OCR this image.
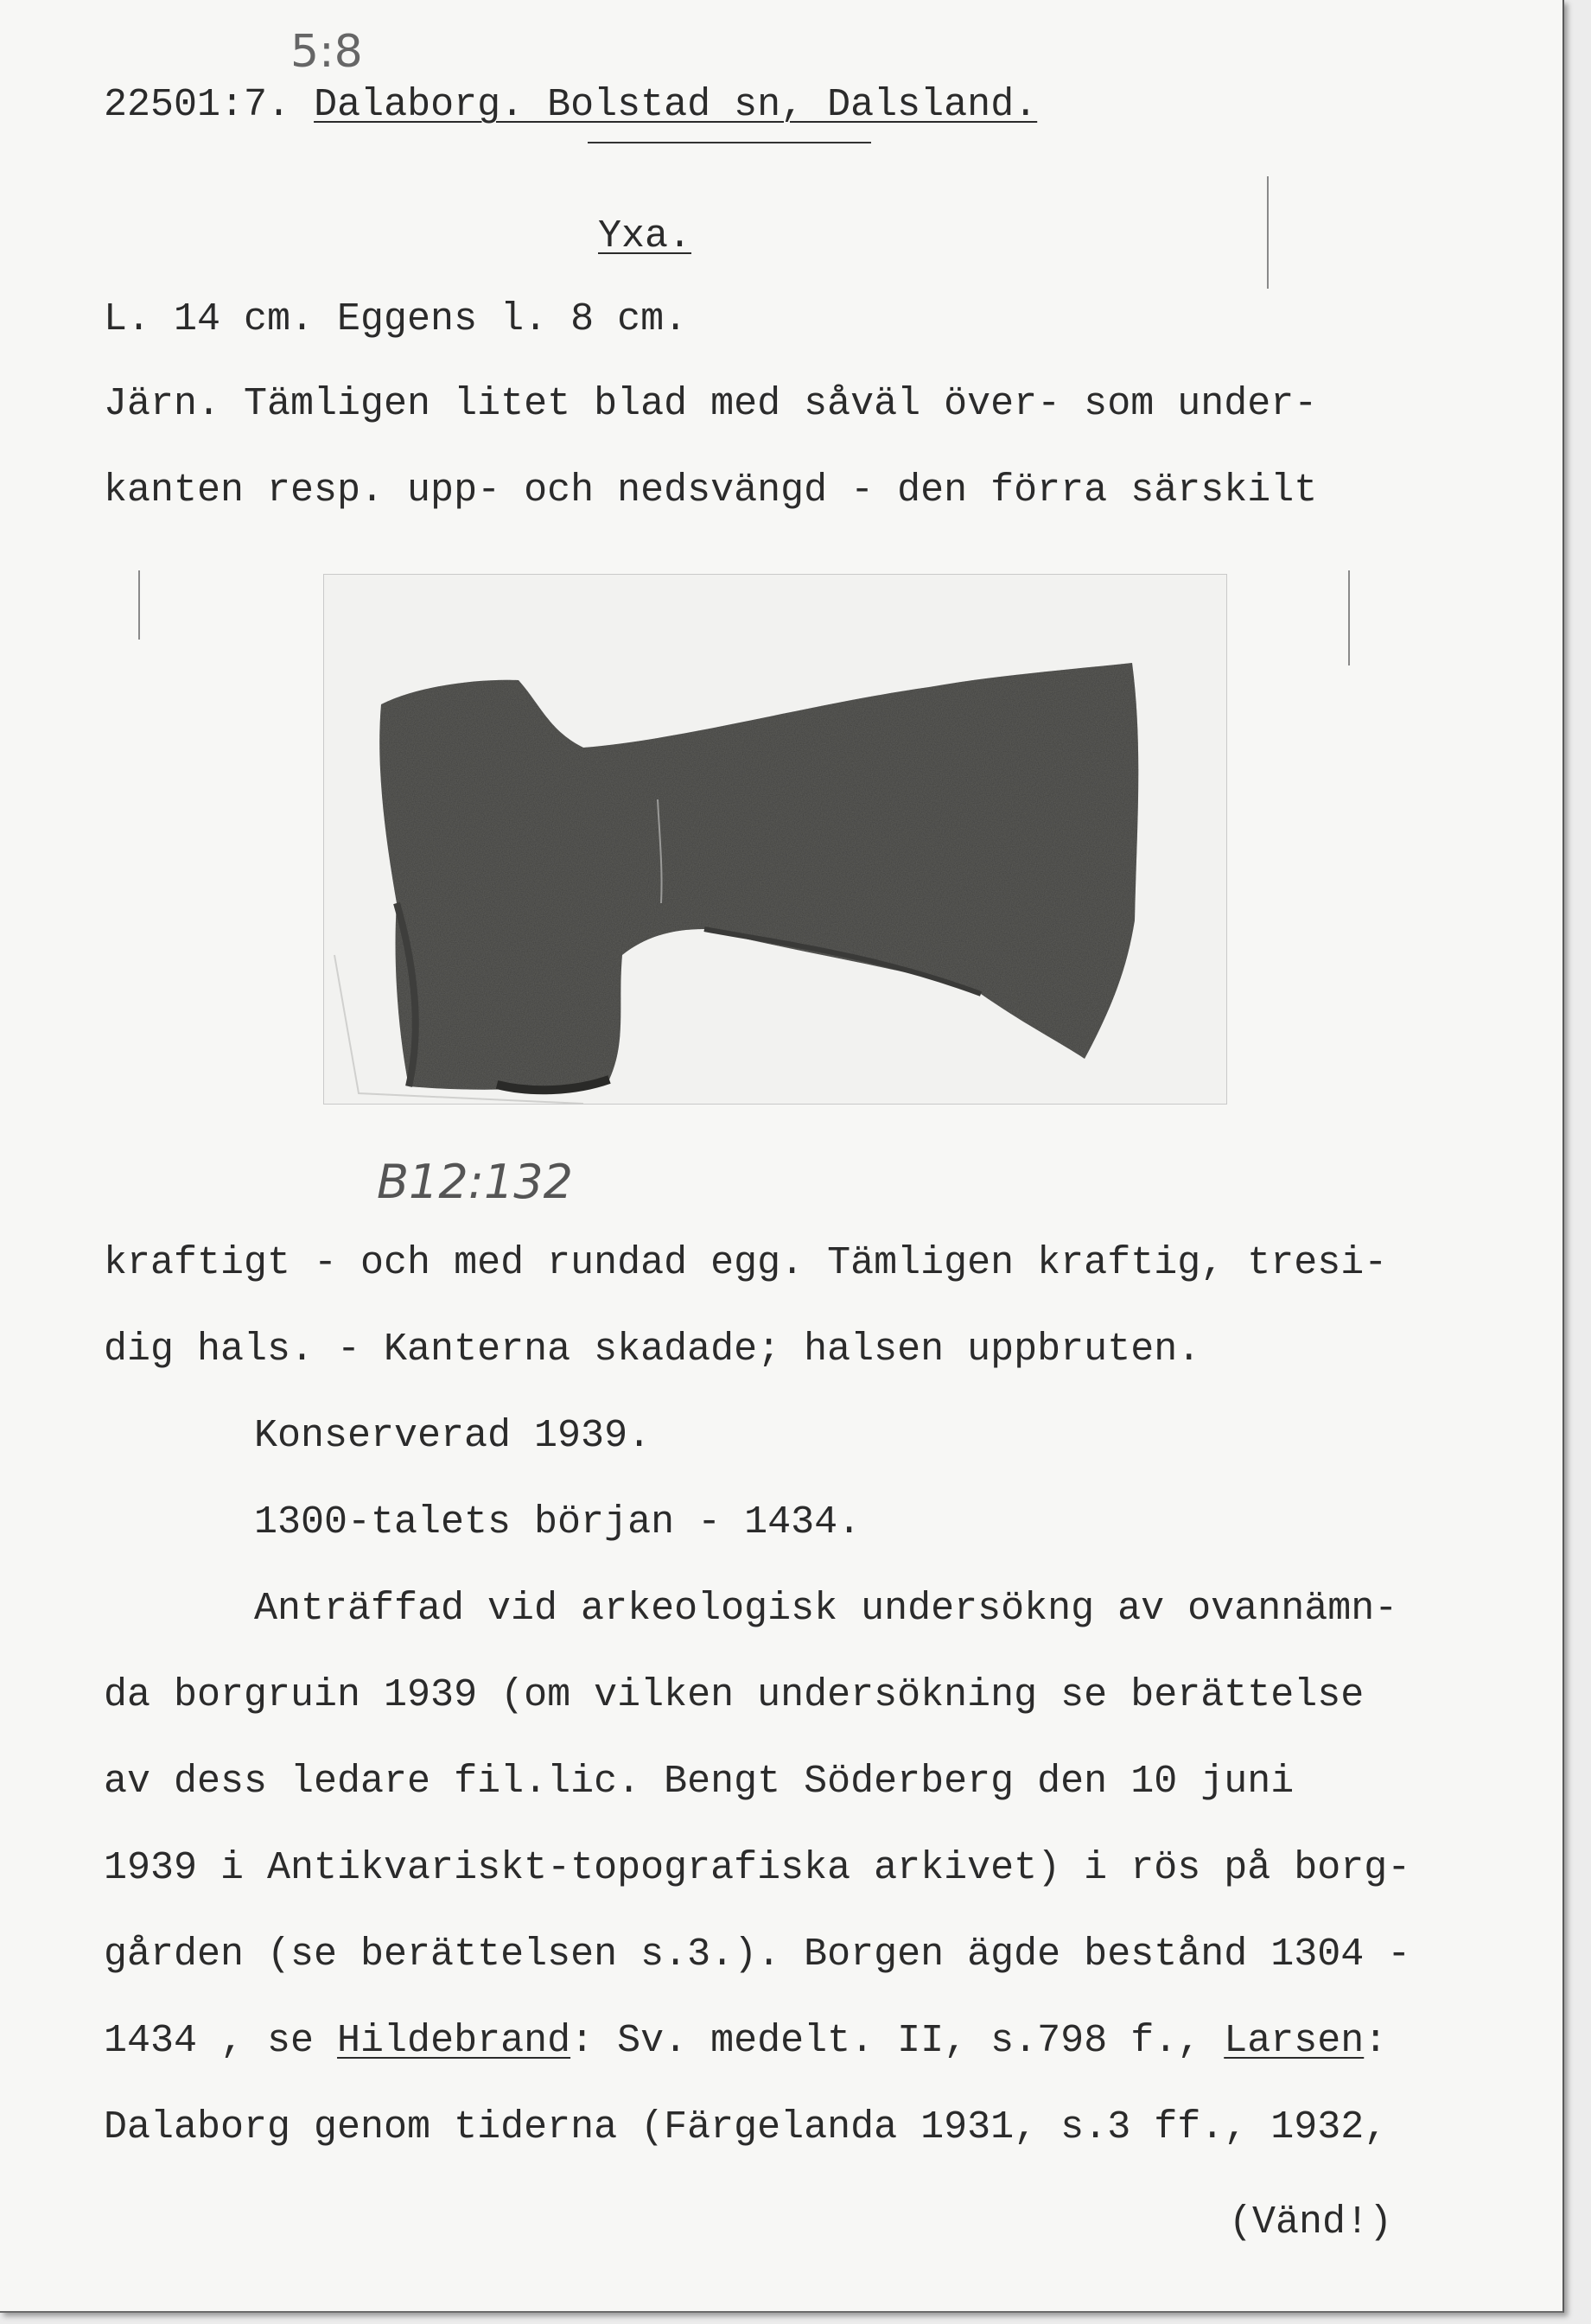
5:8
22501:7. Dalaborg. Bolstad sn, Dalsland.
Yxa.
L. 14 cm. Eggens l. 8 cm.
Järn. Tämligen litet blad med såväl över- som under-
kanten resp. upp- och nedsvängd - den förra särskilt
B12:132
kraftigt - och med rundad egg. Tämligen kraftig, tresi-
dig hals. - Kanterna skadade; halsen uppbruten.
Konserverad 1939.
1300-talets början - 1434.
Anträffad vid arkeologisk undersökng av ovannämn-
da borgruin 1939 (om vilken undersökning se berättelse
av dess ledare fil.lic. Bengt Söderberg den 10 juni
1939 i Antikvariskt-topografiska arkivet) i rös på borg-
gården (se berättelsen s.3.). Borgen ägde bestånd 1304 -
1434 , se Hildebrand: Sv. medelt. II, s.798 f., Larsen:
Dalaborg genom tiderna (Färgelanda 1931, s.3 ff., 1932,
(Vänd!)
